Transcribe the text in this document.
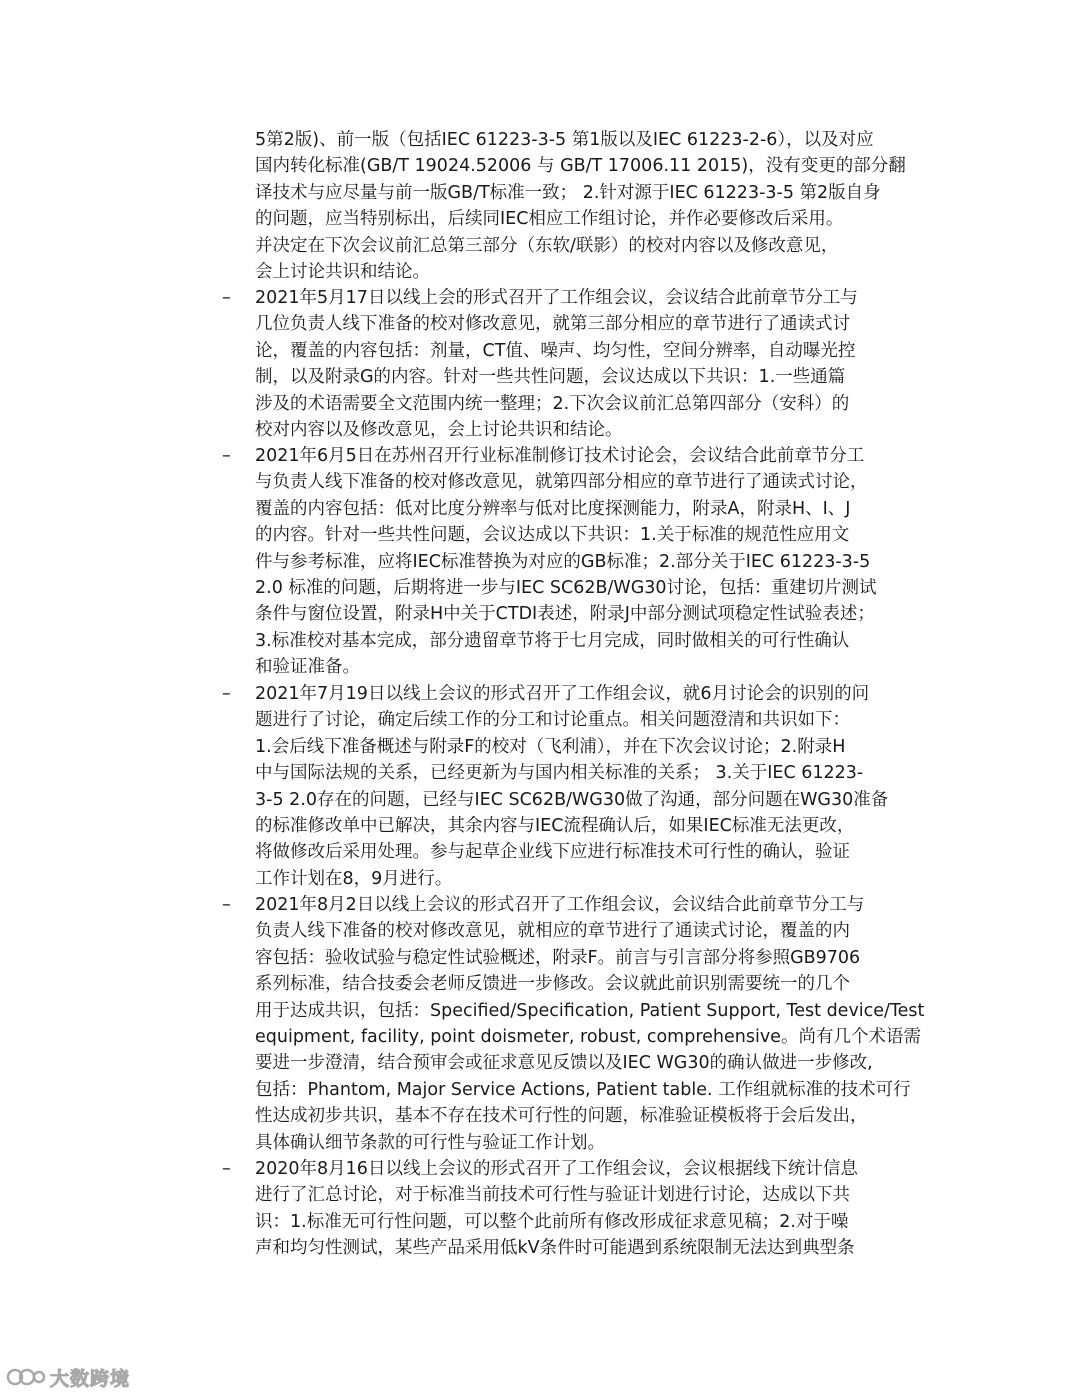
5第2版)、前一版（包括IEC 61223-3-5 第1版以及IEC 61223-2-6），以及对应
国内转化标准(GB/T 19024.52006 与 GB/T 17006.11 2015)，没有变更的部分翻
译技术与应尽量与前一版GB/T标准一致； 2.针对源于IEC 61223-3-5 第2版自身
的问题，应当特别标出，后续同IEC相应工作组讨论，并作必要修改后采用。
并决定在下次会议前汇总第三部分（东软/联影）的校对内容以及修改意见，
会上讨论共识和结论。
–	2021年5月17日以线上会的形式召开了工作组会议，会议结合此前章节分工与
几位负责人线下准备的校对修改意见，就第三部分相应的章节进行了通读式讨
论，覆盖的内容包括：剂量，CT值、噪声、均匀性，空间分辨率，自动曝光控
制，以及附录G的内容。针对一些共性问题，会议达成以下共识：1.一些通篇
涉及的术语需要全文范围内统一整理；2.下次会议前汇总第四部分（安科）的
校对内容以及修改意见，会上讨论共识和结论。
–	2021年6月5日在苏州召开行业标准制修订技术讨论会，会议结合此前章节分工
与负责人线下准备的校对修改意见，就第四部分相应的章节进行了通读式讨论，
覆盖的内容包括：低对比度分辨率与低对比度探测能力，附录A，附录H、I、J
的内容。针对一些共性问题，会议达成以下共识：1.关于标准的规范性应用文
件与参考标准，应将IEC标准替换为对应的GB标准；2.部分关于IEC 61223-3-5
2.0 标准的问题，后期将进一步与IEC SC62B/WG30讨论，包括：重建切片测试
条件与窗位设置，附录H中关于CTDI表述，附录J中部分测试项稳定性试验表述；
3.标准校对基本完成，部分遗留章节将于七月完成，同时做相关的可行性确认
和验证准备。
–	2021年7月19日以线上会议的形式召开了工作组会议，就6月讨论会的识别的问
题进行了讨论，确定后续工作的分工和讨论重点。相关问题澄清和共识如下：
1.会后线下准备概述与附录F的校对（飞利浦），并在下次会议讨论；2.附录H
中与国际法规的关系，已经更新为与国内相关标准的关系； 3.关于IEC 61223-
3-5 2.0存在的问题，已经与IEC SC62B/WG30做了沟通，部分问题在WG30准备
的标准修改单中已解决，其余内容与IEC流程确认后，如果IEC标准无法更改，
将做修改后采用处理。参与起草企业线下应进行标准技术可行性的确认，验证
工作计划在8，9月进行。
–	2021年8月2日以线上会议的形式召开了工作组会议，会议结合此前章节分工与
负责人线下准备的校对修改意见，就相应的章节进行了通读式讨论，覆盖的内
容包括：验收试验与稳定性试验概述，附录F。前言与引言部分将参照GB9706
系列标准，结合技委会老师反馈进一步修改。会议就此前识别需要统一的几个
用于达成共识，包括：Specified/Specification, Patient Support, Test device/Test
equipment, facility, point doismeter, robust, comprehensive。尚有几个术语需
要进一步澄清，结合预审会或征求意见反馈以及IEC WG30的确认做进一步修改,
包括：Phantom, Major Service Actions, Patient table. 工作组就标准的技术可行
性达成初步共识，基本不存在技术可行性的问题，标准验证模板将于会后发出，
具体确认细节条款的可行性与验证工作计划。
–	2020年8月16日以线上会议的形式召开了工作组会议，会议根据线下统计信息
进行了汇总讨论，对于标准当前技术可行性与验证计划进行讨论，达成以下共
识：1.标准无可行性问题，可以整个此前所有修改形成征求意见稿；2.对于噪
声和均匀性测试，某些产品采用低kV条件时可能遇到系统限制无法达到典型条
大数跨境
